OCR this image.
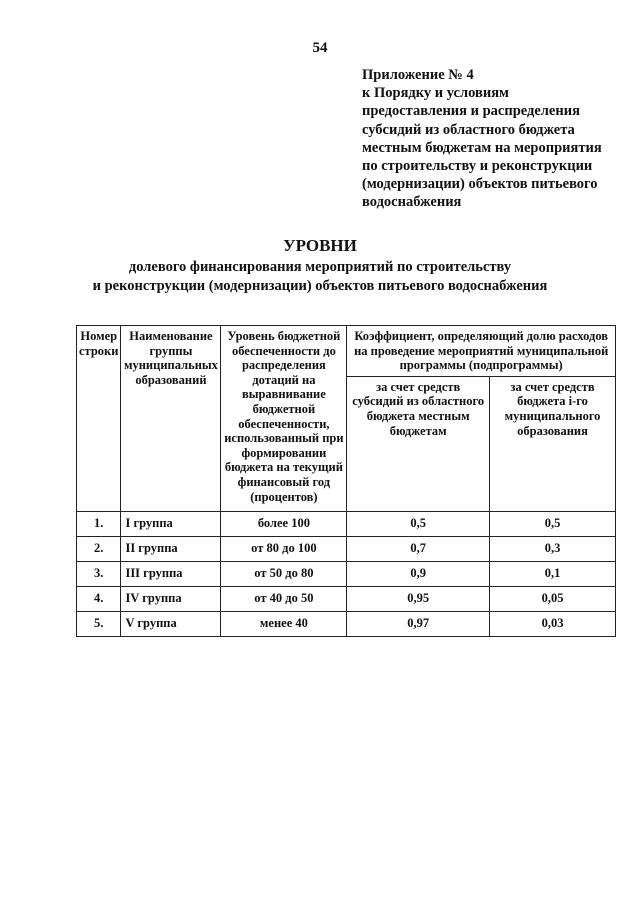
54
Приложение № 4
к Порядку и условиям
предоставления и распределения
субсидий из областного бюджета
местным бюджетам на мероприятия
по строительству и реконструкции
(модернизации) объектов питьевого
водоснабжения
УРОВНИ
долевого финансирования мероприятий по строительству
и реконструкции (модернизации) объектов питьевого водоснабжения
Номер строки	Наименование группы муниципальных образований	Уровень бюджетной обеспеченности до распределения дотаций на выравнивание бюджетной обеспеченности, использованный при формировании бюджета на текущий финансовый год (процентов)	Коэффициент, определяющий долю расходов на проведение мероприятий муниципальной программы (подпрограммы)	
			за счет средств субсидий из областного бюджета местным бюджетам	за счет средств бюджета i-го муниципального образования
1.	I группа	более 100	0,5	0,5
2.	II группа	от 80 до 100	0,7	0,3
3.	III группа	от 50 до 80	0,9	0,1
4.	IV группа	от 40 до 50	0,95	0,05
5.	V группа	менее 40	0,97	0,03
